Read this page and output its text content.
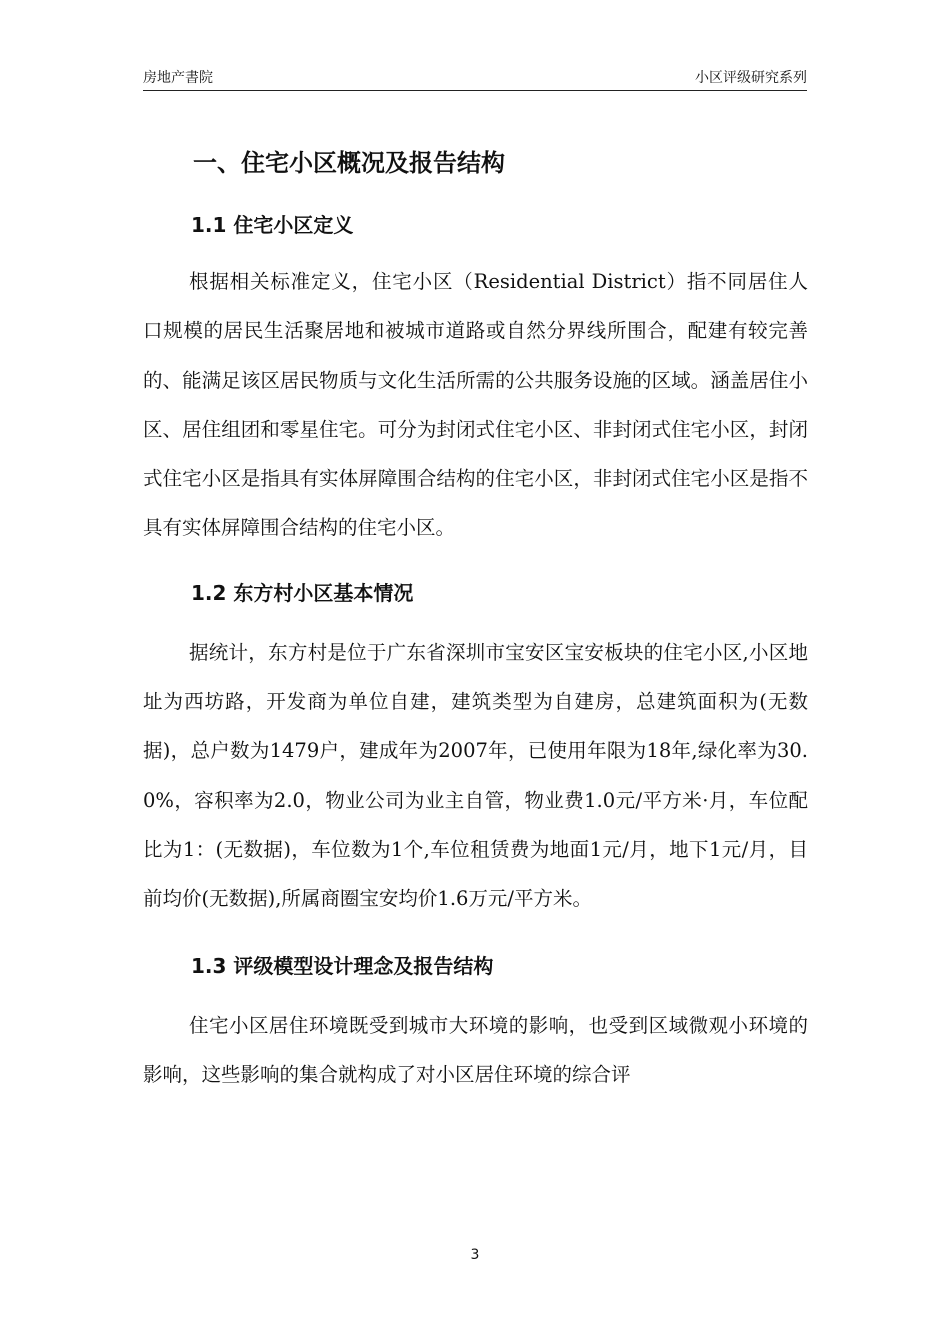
房地产書院	小区评级研究系列
一、住宅小区概况及报告结构
1.1 住宅小区定义

根据相关标准定义，住宅小区（Residential District）指不同居住人口规模的居民生活聚居地和被城市道路或自然分界线所围合，配建有较完善的、能满足该区居民物质与文化生活所需的公共服务设施的区域。涵盖居住小区、居住组团和零星住宅。可分为封闭式住宅小区、非封闭式住宅小区，封闭式住宅小区是指具有实体屏障围合结构的住宅小区，非封闭式住宅小区是指不具有实体屏障围合结构的住宅小区。

1.2 东方村小区基本情况

据统计，东方村是位于广东省深圳市宝安区宝安板块的住宅小区,小区地址为西坊路，开发商为单位自建，建筑类型为自建房，总建筑面积为(无数据)，总户数为1479户，建成年为2007年，已使用年限为18年,绿化率为30.0%，容积率为2.0，物业公司为业主自管，物业费1.0元/平方米·月，车位配比为1：(无数据)，车位数为1个,车位租赁费为地面1元/月，地下1元/月，目前均价(无数据),所属商圈宝安均价1.6万元/平方米。

1.3 评级模型设计理念及报告结构

住宅小区居住环境既受到城市大环境的影响，也受到区域微观小环境的影响，这些影响的集合就构成了对小区居住环境的综合评

3
